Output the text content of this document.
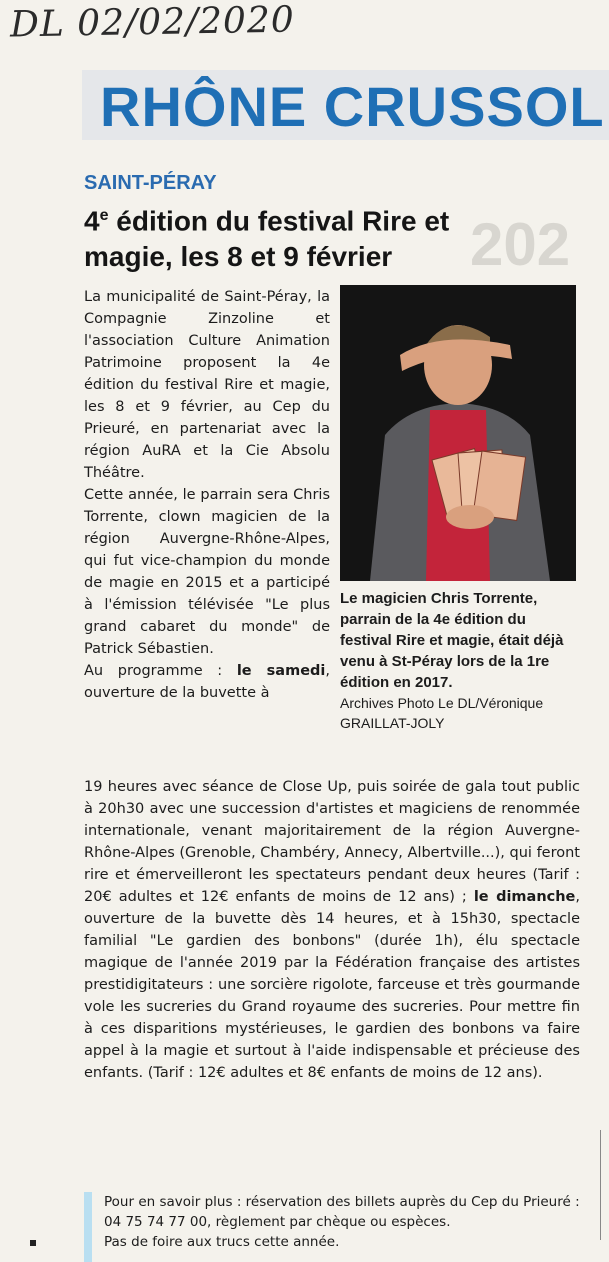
DL 02/02/2020
RHÔNE CRUSSOL
202
SAINT-PÉRAY
4e édition du festival Rire et magie, les 8 et 9 février

La municipalité de Saint-Péray, la Compagnie Zinzoline et l'association Culture Animation Patrimoine proposent la 4e édition du festival Rire et magie, les 8 et 9 février, au Cep du Prieuré, en partenariat avec la région AuRA et la Cie Absolu Théâtre.

Cette année, le parrain sera Chris Torrente, clown magicien de la région Auvergne-Rhône-Alpes, qui fut vice-champion du monde de magie en 2015 et a participé à l'émission télévisée "Le plus grand cabaret du monde" de Patrick Sébastien.

Au programme : le samedi, ouverture de la buvette à

Le magicien Chris Torrente, parrain de la 4e édition du festival Rire et magie, était déjà venu à St-Péray lors de la 1re édition en 2017.
Archives Photo Le DL/Véronique GRAILLAT-JOLY

19 heures avec séance de Close Up, puis soirée de gala tout public à 20h30 avec une succession d'artistes et magiciens de renommée internationale, venant majoritairement de la région Auvergne-Rhône-Alpes (Grenoble, Chambéry, Annecy, Albertville...), qui feront rire et émerveilleront les spectateurs pendant deux heures (Tarif : 20€ adultes et 12€ enfants de moins de 12 ans) ; le dimanche, ouverture de la buvette dès 14 heures, et à 15h30, spectacle familial "Le gardien des bonbons" (durée 1h), élu spectacle magique de l'année 2019 par la Fédération française des artistes prestidigitateurs : une sorcière rigolote, farceuse et très gourmande vole les sucreries du Grand royaume des sucreries. Pour mettre fin à ces disparitions mystérieuses, le gardien des bonbons va faire appel à la magie et surtout à l'aide indispensable et précieuse des enfants. (Tarif : 12€ adultes et 8€ enfants de moins de 12 ans).

Pour en savoir plus : réservation des billets auprès du Cep du Prieuré : 04 75 74 77 00, règlement par chèque ou espèces.

Pas de foire aux trucs cette année.
